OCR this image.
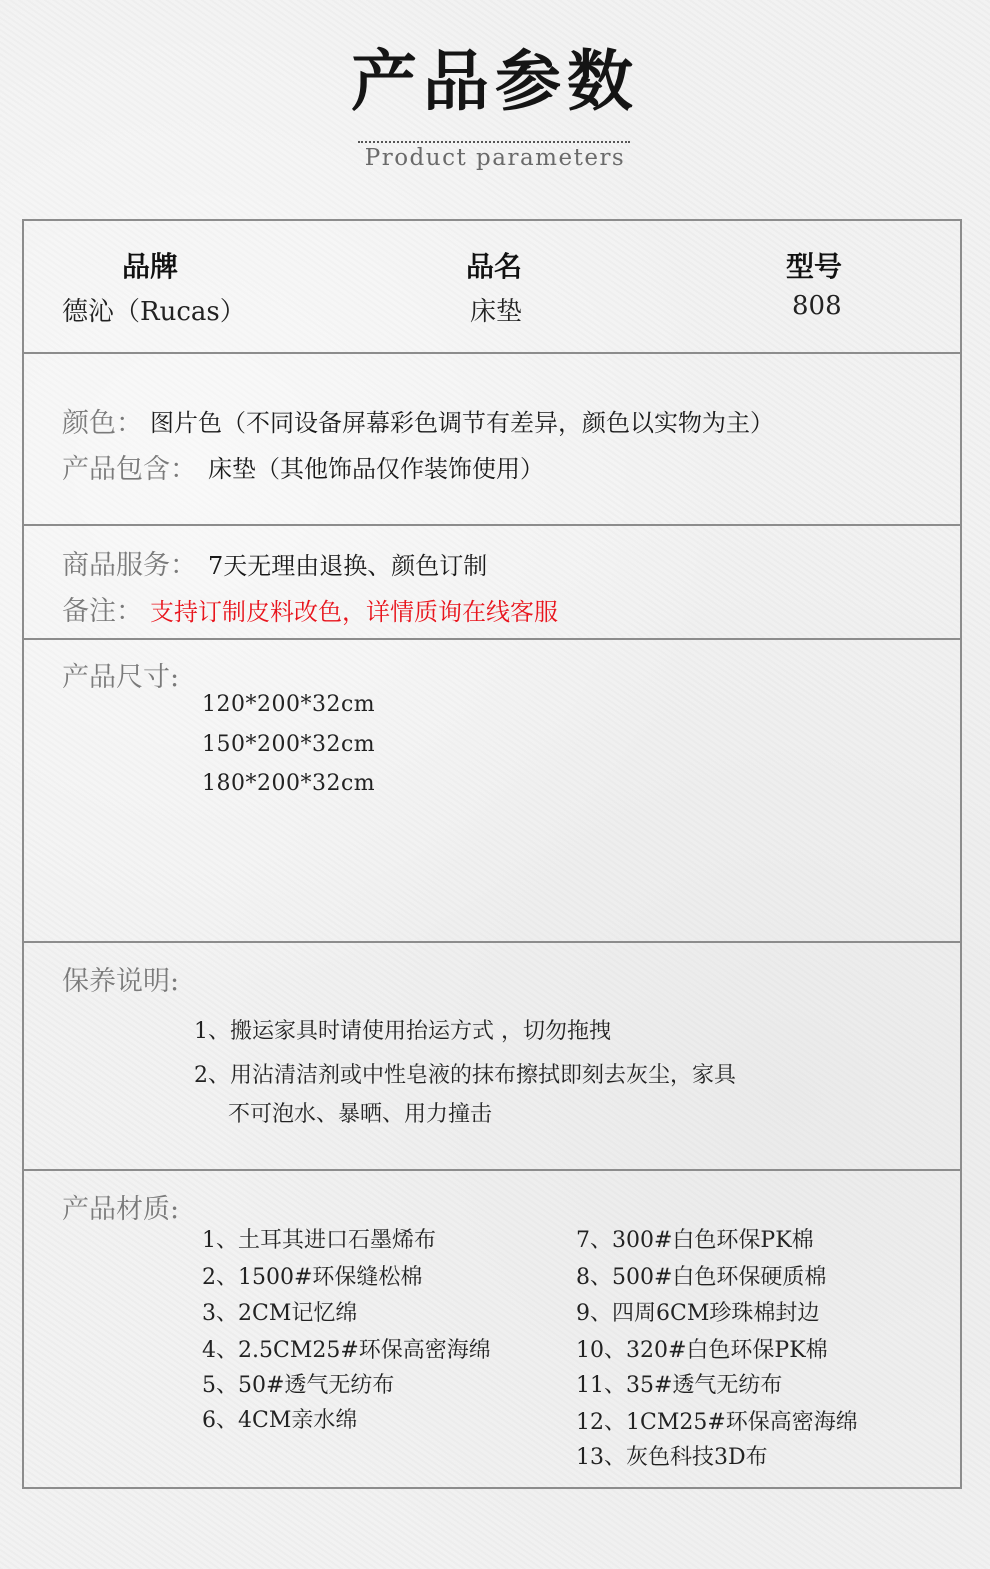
产品参数
Product parameters
品牌
德沁（Rucas）
品名
床垫
型号
808
颜色： 图片色（不同设备屏幕彩色调节有差异，颜色以实物为主）
产品包含： 床垫（其他饰品仅作装饰使用）
商品服务： 7天无理由退换、颜色订制
备注： 支持订制皮料改色，详情质询在线客服
产品尺寸:
120*200*32cm
150*200*32cm
180*200*32cm
保养说明:
1、搬运家具时请使用抬运方式 ，切勿拖拽
2、用沾清洁剂或中性皂液的抹布擦拭即刻去灰尘，家具
不可泡水、暴晒、用力撞击
产品材质:
1、土耳其进口石墨烯布
2、1500#环保缝松棉
3、2CM记忆绵
4、2.5CM25#环保高密海绵
5、50#透气无纺布
6、4CM亲水绵
7、300#白色环保PK棉
8、500#白色环保硬质棉
9、四周6CM珍珠棉封边
10、320#白色环保PK棉
11、35#透气无纺布
12、1CM25#环保高密海绵
13、灰色科技3D布
